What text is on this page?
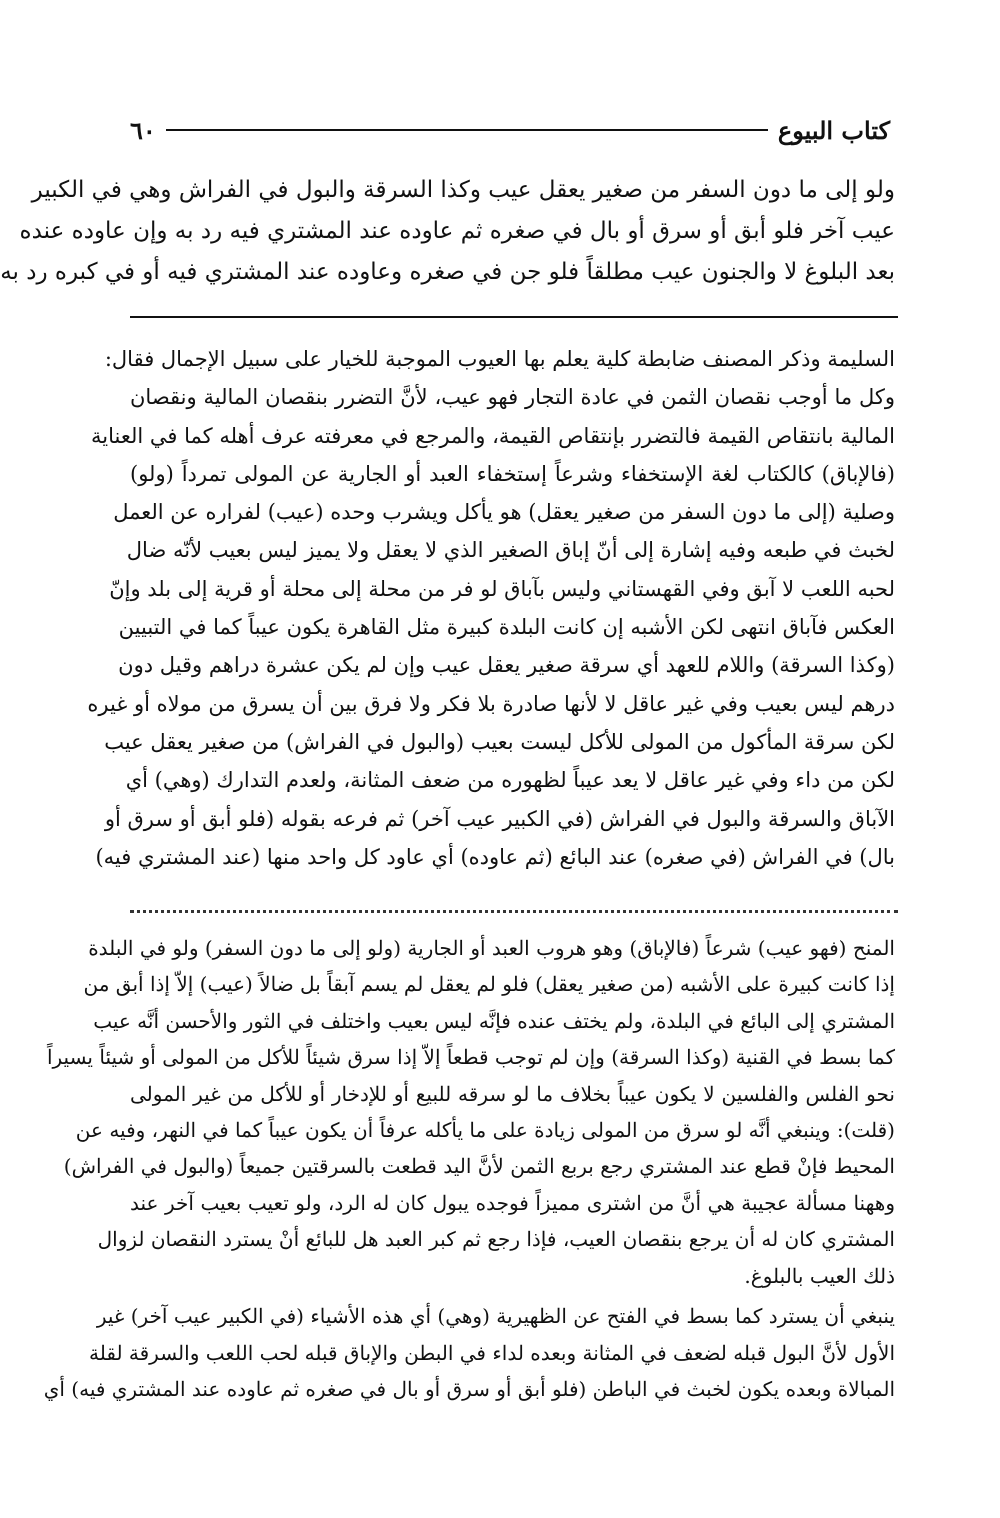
٦٠	كتاب البيوع
ولو إلى ما دون السفر من صغير يعقل عيب وكذا السرقة والبول في الفراش وهي في الكبير
عيب آخر فلو أبق أو سرق أو بال في صغره ثم عاوده عند المشتري فيه رد به وإن عاوده عنده
بعد البلوغ لا والجنون عيب مطلقاً فلو جن في صغره وعاوده عند المشتري فيه أو في كبره رد به
السليمة وذكر المصنف ضابطة كلية يعلم بها العيوب الموجبة للخيار على سبيل الإجمال فقال:
وكل ما أوجب نقصان الثمن في عادة التجار فهو عيب، لأنَّ التضرر بنقصان المالية ونقصان
المالية بانتقاص القيمة فالتضرر بإنتقاص القيمة، والمرجع في معرفته عرف أهله كما في العناية
(فالإباق) كالكتاب لغة الإستخفاء وشرعاً إستخفاء العبد أو الجارية عن المولى تمرداً (ولو)
وصلية (إلى ما دون السفر من صغير يعقل) هو يأكل ويشرب وحده (عيب) لفراره عن العمل
لخبث في طبعه وفيه إشارة إلى أنّ إباق الصغير الذي لا يعقل ولا يميز ليس بعيب لأنّه ضال
لحبه اللعب لا آبق وفي القهستاني وليس بآباق لو فر من محلة إلى محلة أو قرية إلى بلد وإنّ
العكس فآباق انتهى لكن الأشبه إن كانت البلدة كبيرة مثل القاهرة يكون عيباً كما في التبيين
(وكذا السرقة) واللام للعهد أي سرقة صغير يعقل عيب وإن لم يكن عشرة دراهم وقيل دون
درهم ليس بعيب وفي غير عاقل لا لأنها صادرة بلا فكر ولا فرق بين أن يسرق من مولاه أو غيره
لكن سرقة المأكول من المولى للأكل ليست بعيب (والبول في الفراش) من صغير يعقل عيب
لكن من داء وفي غير عاقل لا يعد عيباً لظهوره من ضعف المثانة، ولعدم التدارك (وهي) أي
الآباق والسرقة والبول في الفراش (في الكبير عيب آخر) ثم فرعه بقوله (فلو أبق أو سرق أو
بال) في الفراش (في صغره) عند البائع (ثم عاوده) أي عاود كل واحد منها (عند المشتري فيه)
المنح (فهو عيب) شرعاً (فالإباق) وهو هروب العبد أو الجارية (ولو إلى ما دون السفر) ولو في البلدة
إذا كانت كبيرة على الأشبه (من صغير يعقل) فلو لم يعقل لم يسم آبقاً بل ضالاً (عيب) إلاّ إذا أبق من
المشتري إلى البائع في البلدة، ولم يختف عنده فإنَّه ليس بعيب واختلف في الثور والأحسن أنَّه عيب
كما بسط في القنية (وكذا السرقة) وإن لم توجب قطعاً إلاّ إذا سرق شيئاً للأكل من المولى أو شيئاً يسيراً
نحو الفلس والفلسين لا يكون عيباً بخلاف ما لو سرقه للبيع أو للإدخار أو للأكل من غير المولى
(قلت): وينبغي أنَّه لو سرق من المولى زيادة على ما يأكله عرفاً أن يكون عيباً كما في النهر، وفيه عن
المحيط فإنْ قطع عند المشتري رجع بربع الثمن لأنَّ اليد قطعت بالسرقتين جميعاً (والبول في الفراش)
وههنا مسألة عجيبة هي أنَّ من اشترى مميزاً فوجده يبول كان له الرد، ولو تعيب بعيب آخر عند
المشتري كان له أن يرجع بنقصان العيب، فإذا رجع ثم كبر العبد هل للبائع أنْ يسترد النقصان لزوال
ذلك العيب بالبلوغ.
ينبغي أن يسترد كما بسط في الفتح عن الظهيرية (وهي) أي هذه الأشياء (في الكبير عيب آخر) غير
الأول لأنَّ البول قبله لضعف في المثانة وبعده لداء في البطن والإباق قبله لحب اللعب والسرقة لقلة
المبالاة وبعده يكون لخبث في الباطن (فلو أبق أو سرق أو بال في صغره ثم عاوده عند المشتري فيه) أي
